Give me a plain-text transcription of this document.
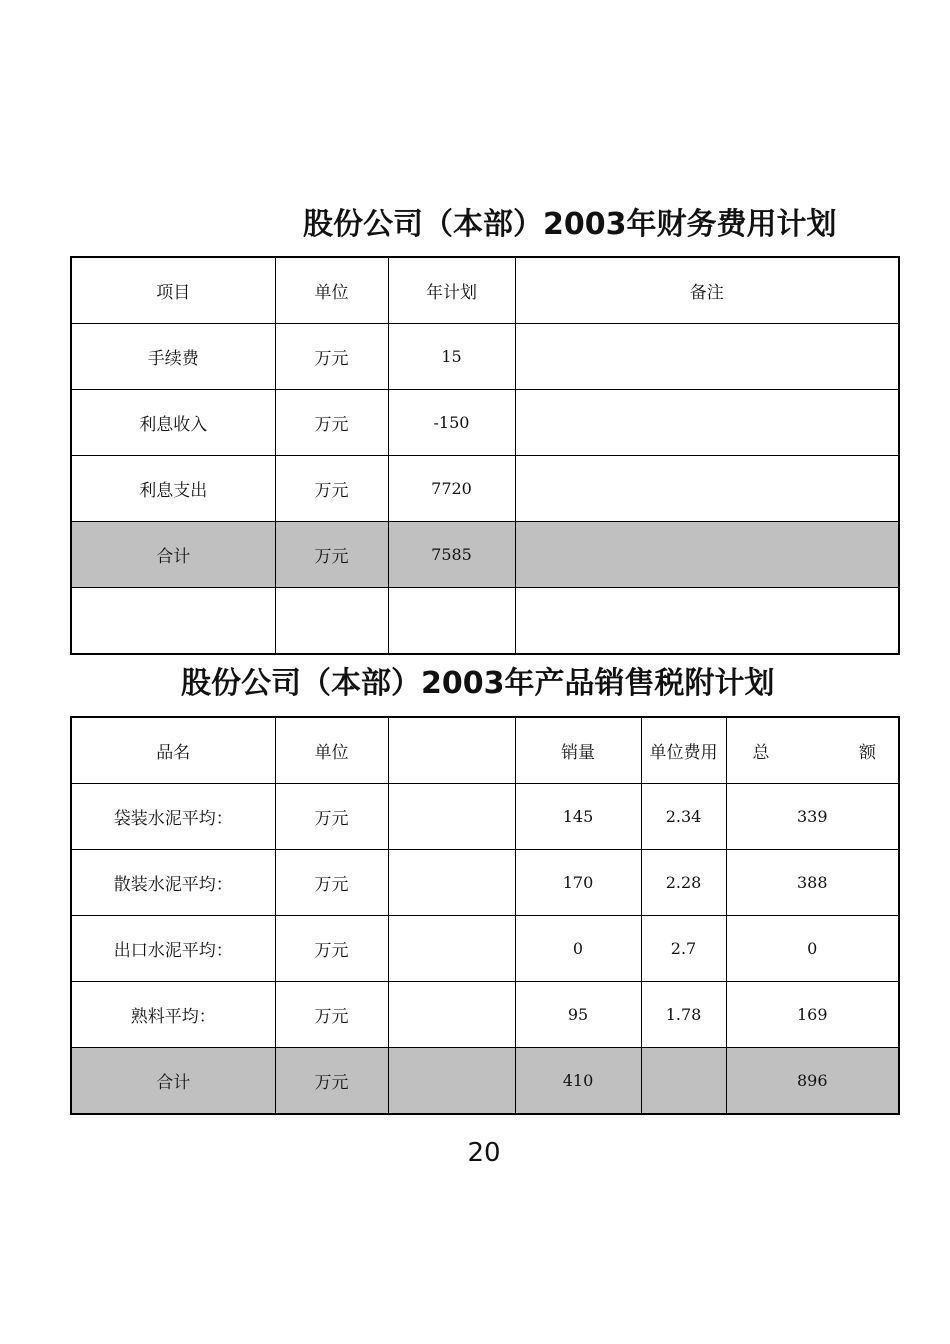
股份公司（本部）2003年财务费用计划
项目	单位	年计划	备注
手续费	万元	15	
利息收入	万元	-150	
利息支出	万元	7720	
合计	万元	7585	

股份公司（本部）2003年产品销售税附计划
品名	单位		销量	单位费用	总 额

袋装水泥平均：	万元		145	2.34	339
散装水泥平均：	万元		170	2.28	388
出口水泥平均：	万元		0	2.7	0
熟料平均：	万元		95	1.78	169
合计	万元		410		896
20
